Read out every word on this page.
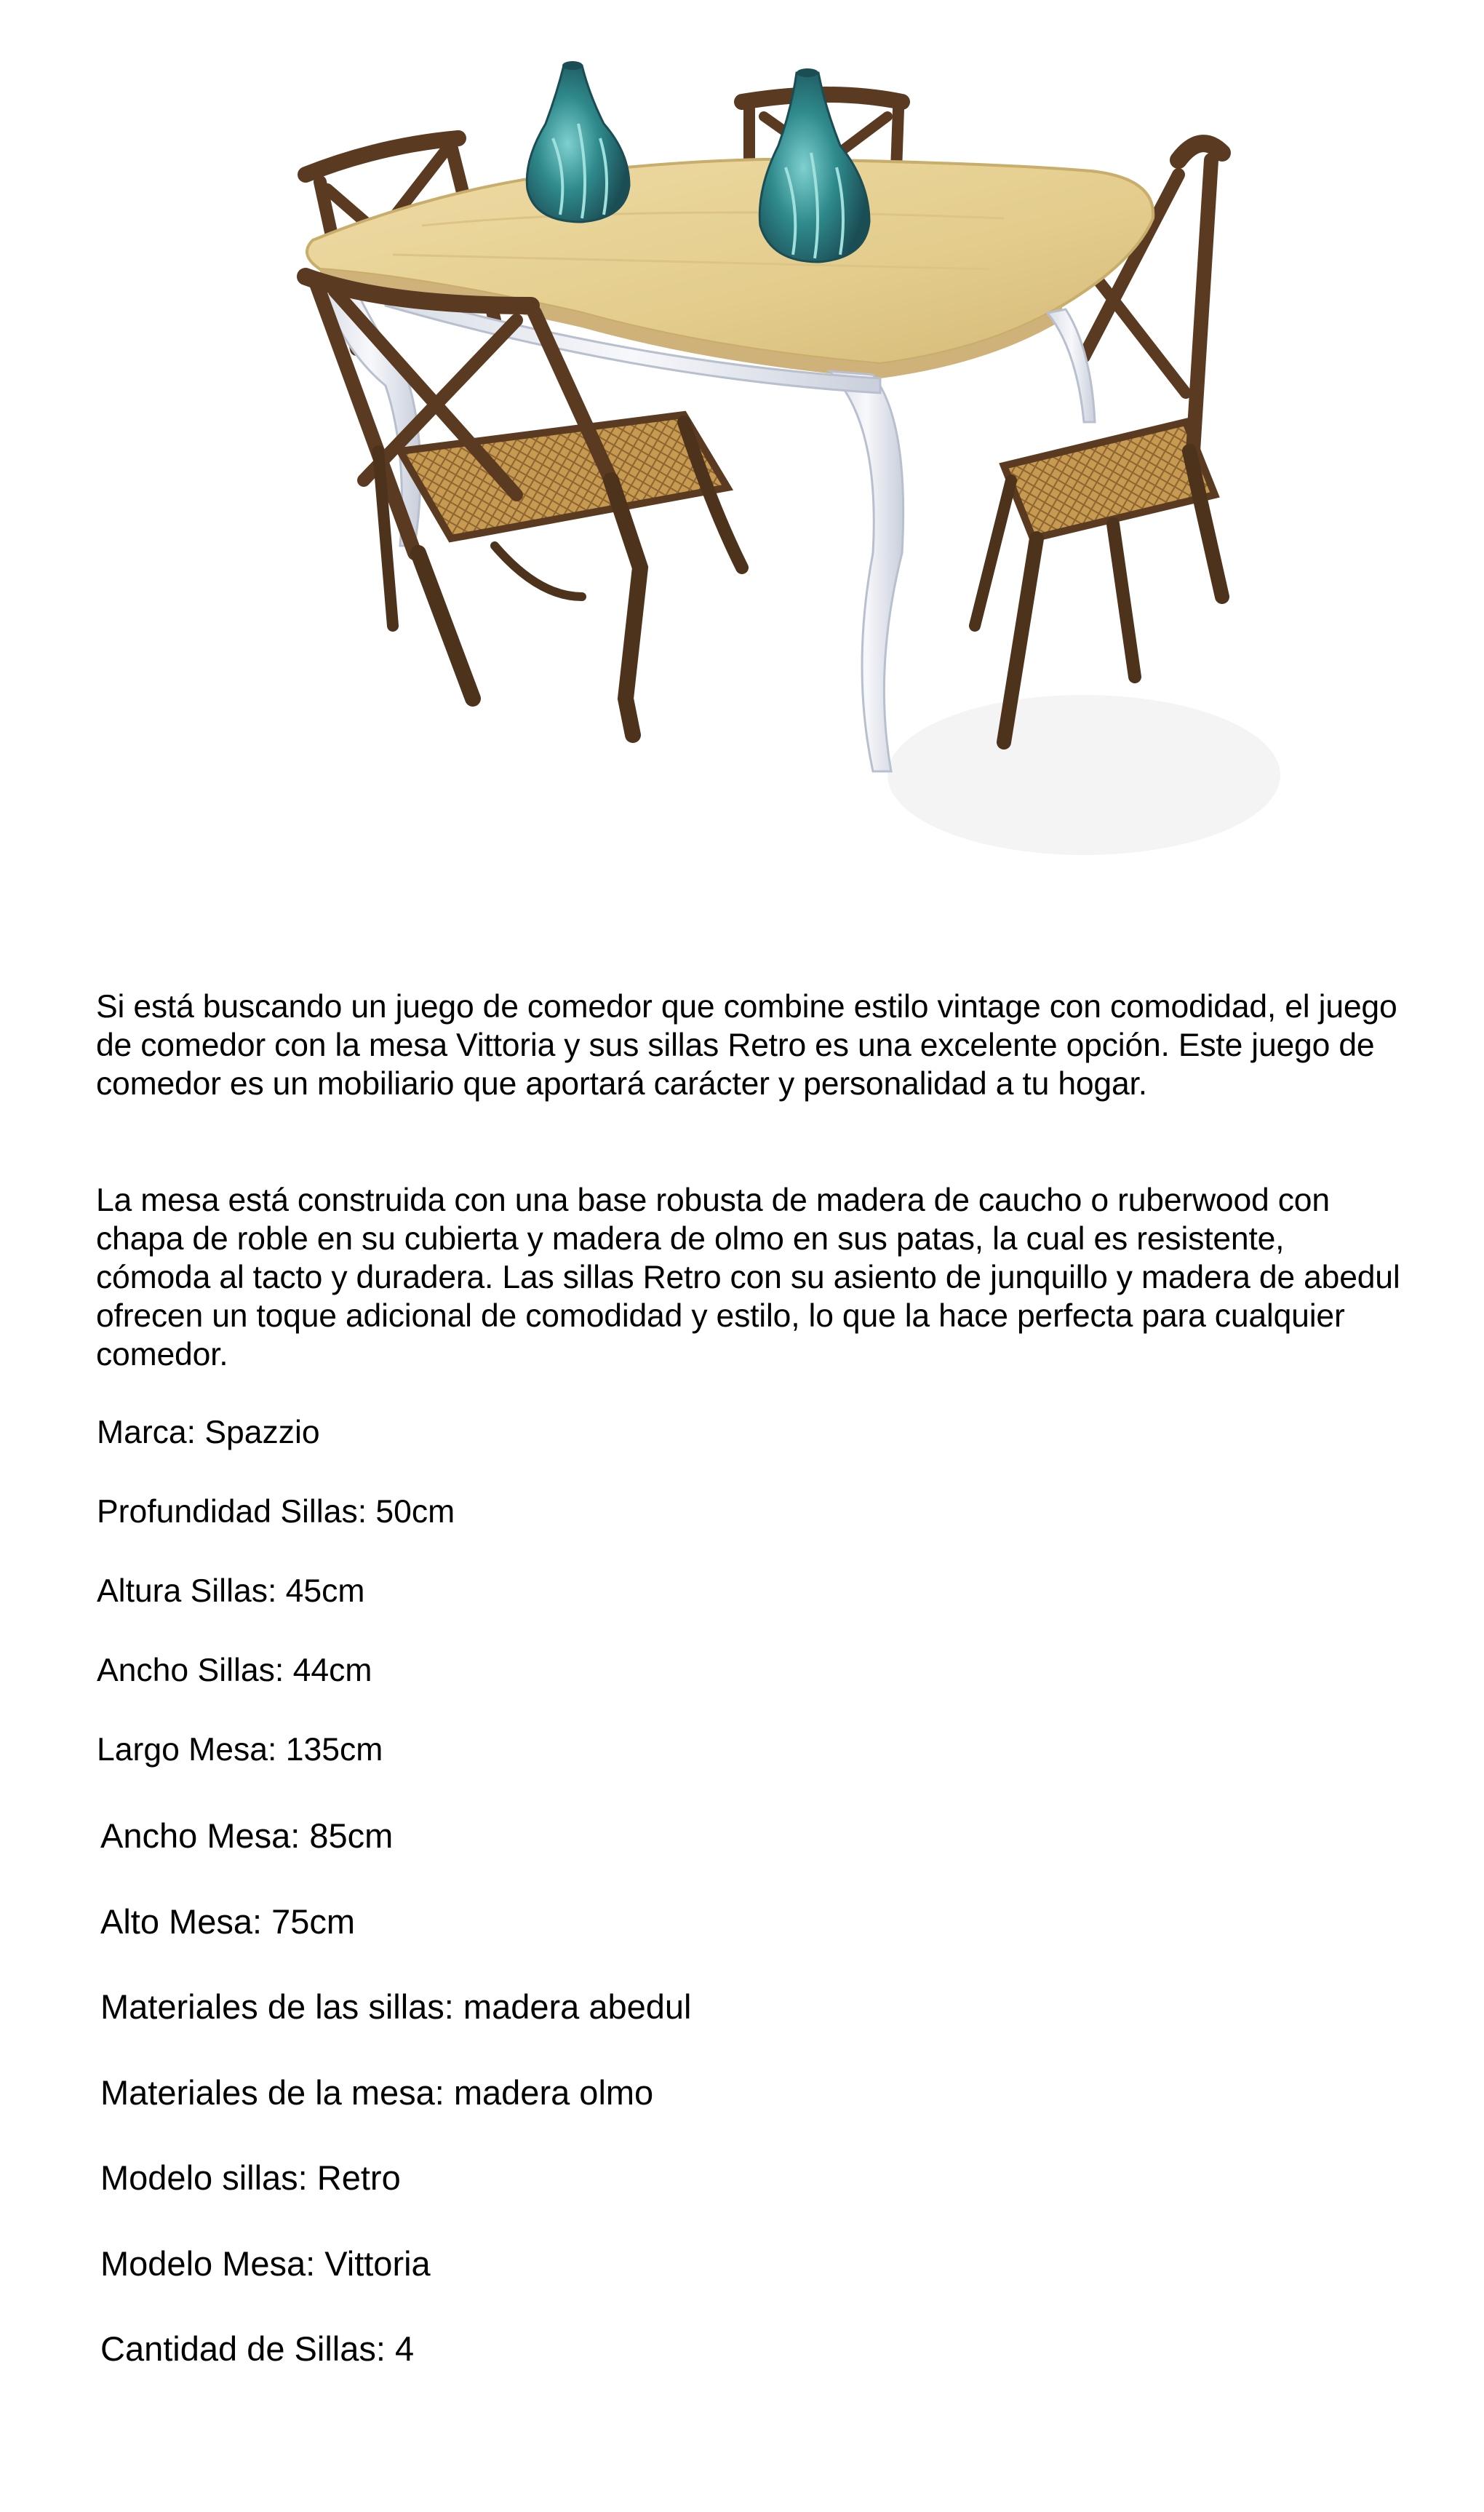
Si está buscando un juego de comedor que combine estilo vintage con comodidad, el juego de comedor con la mesa Vittoria y sus sillas Retro es una excelente opción. Este juego de comedor es un mobiliario que aportará carácter y personalidad a tu hogar.

La mesa está construida con una base robusta de madera de caucho o ruberwood con chapa de roble en su cubierta y madera de olmo en sus patas, la cual es resistente, cómoda al tacto y duradera. Las sillas Retro con su asiento de junquillo y madera de abedul ofrecen un toque adicional de comodidad y estilo, lo que la hace perfecta para cualquier comedor.

Marca: Spazzio

Profundidad Sillas: 50cm

Altura Sillas: 45cm

Ancho Sillas: 44cm

Largo Mesa: 135cm

Ancho Mesa: 85cm

Alto Mesa: 75cm

Materiales de las sillas: madera abedul

Materiales de la mesa: madera olmo

Modelo sillas: Retro

Modelo Mesa: Vittoria

Cantidad de Sillas: 4
